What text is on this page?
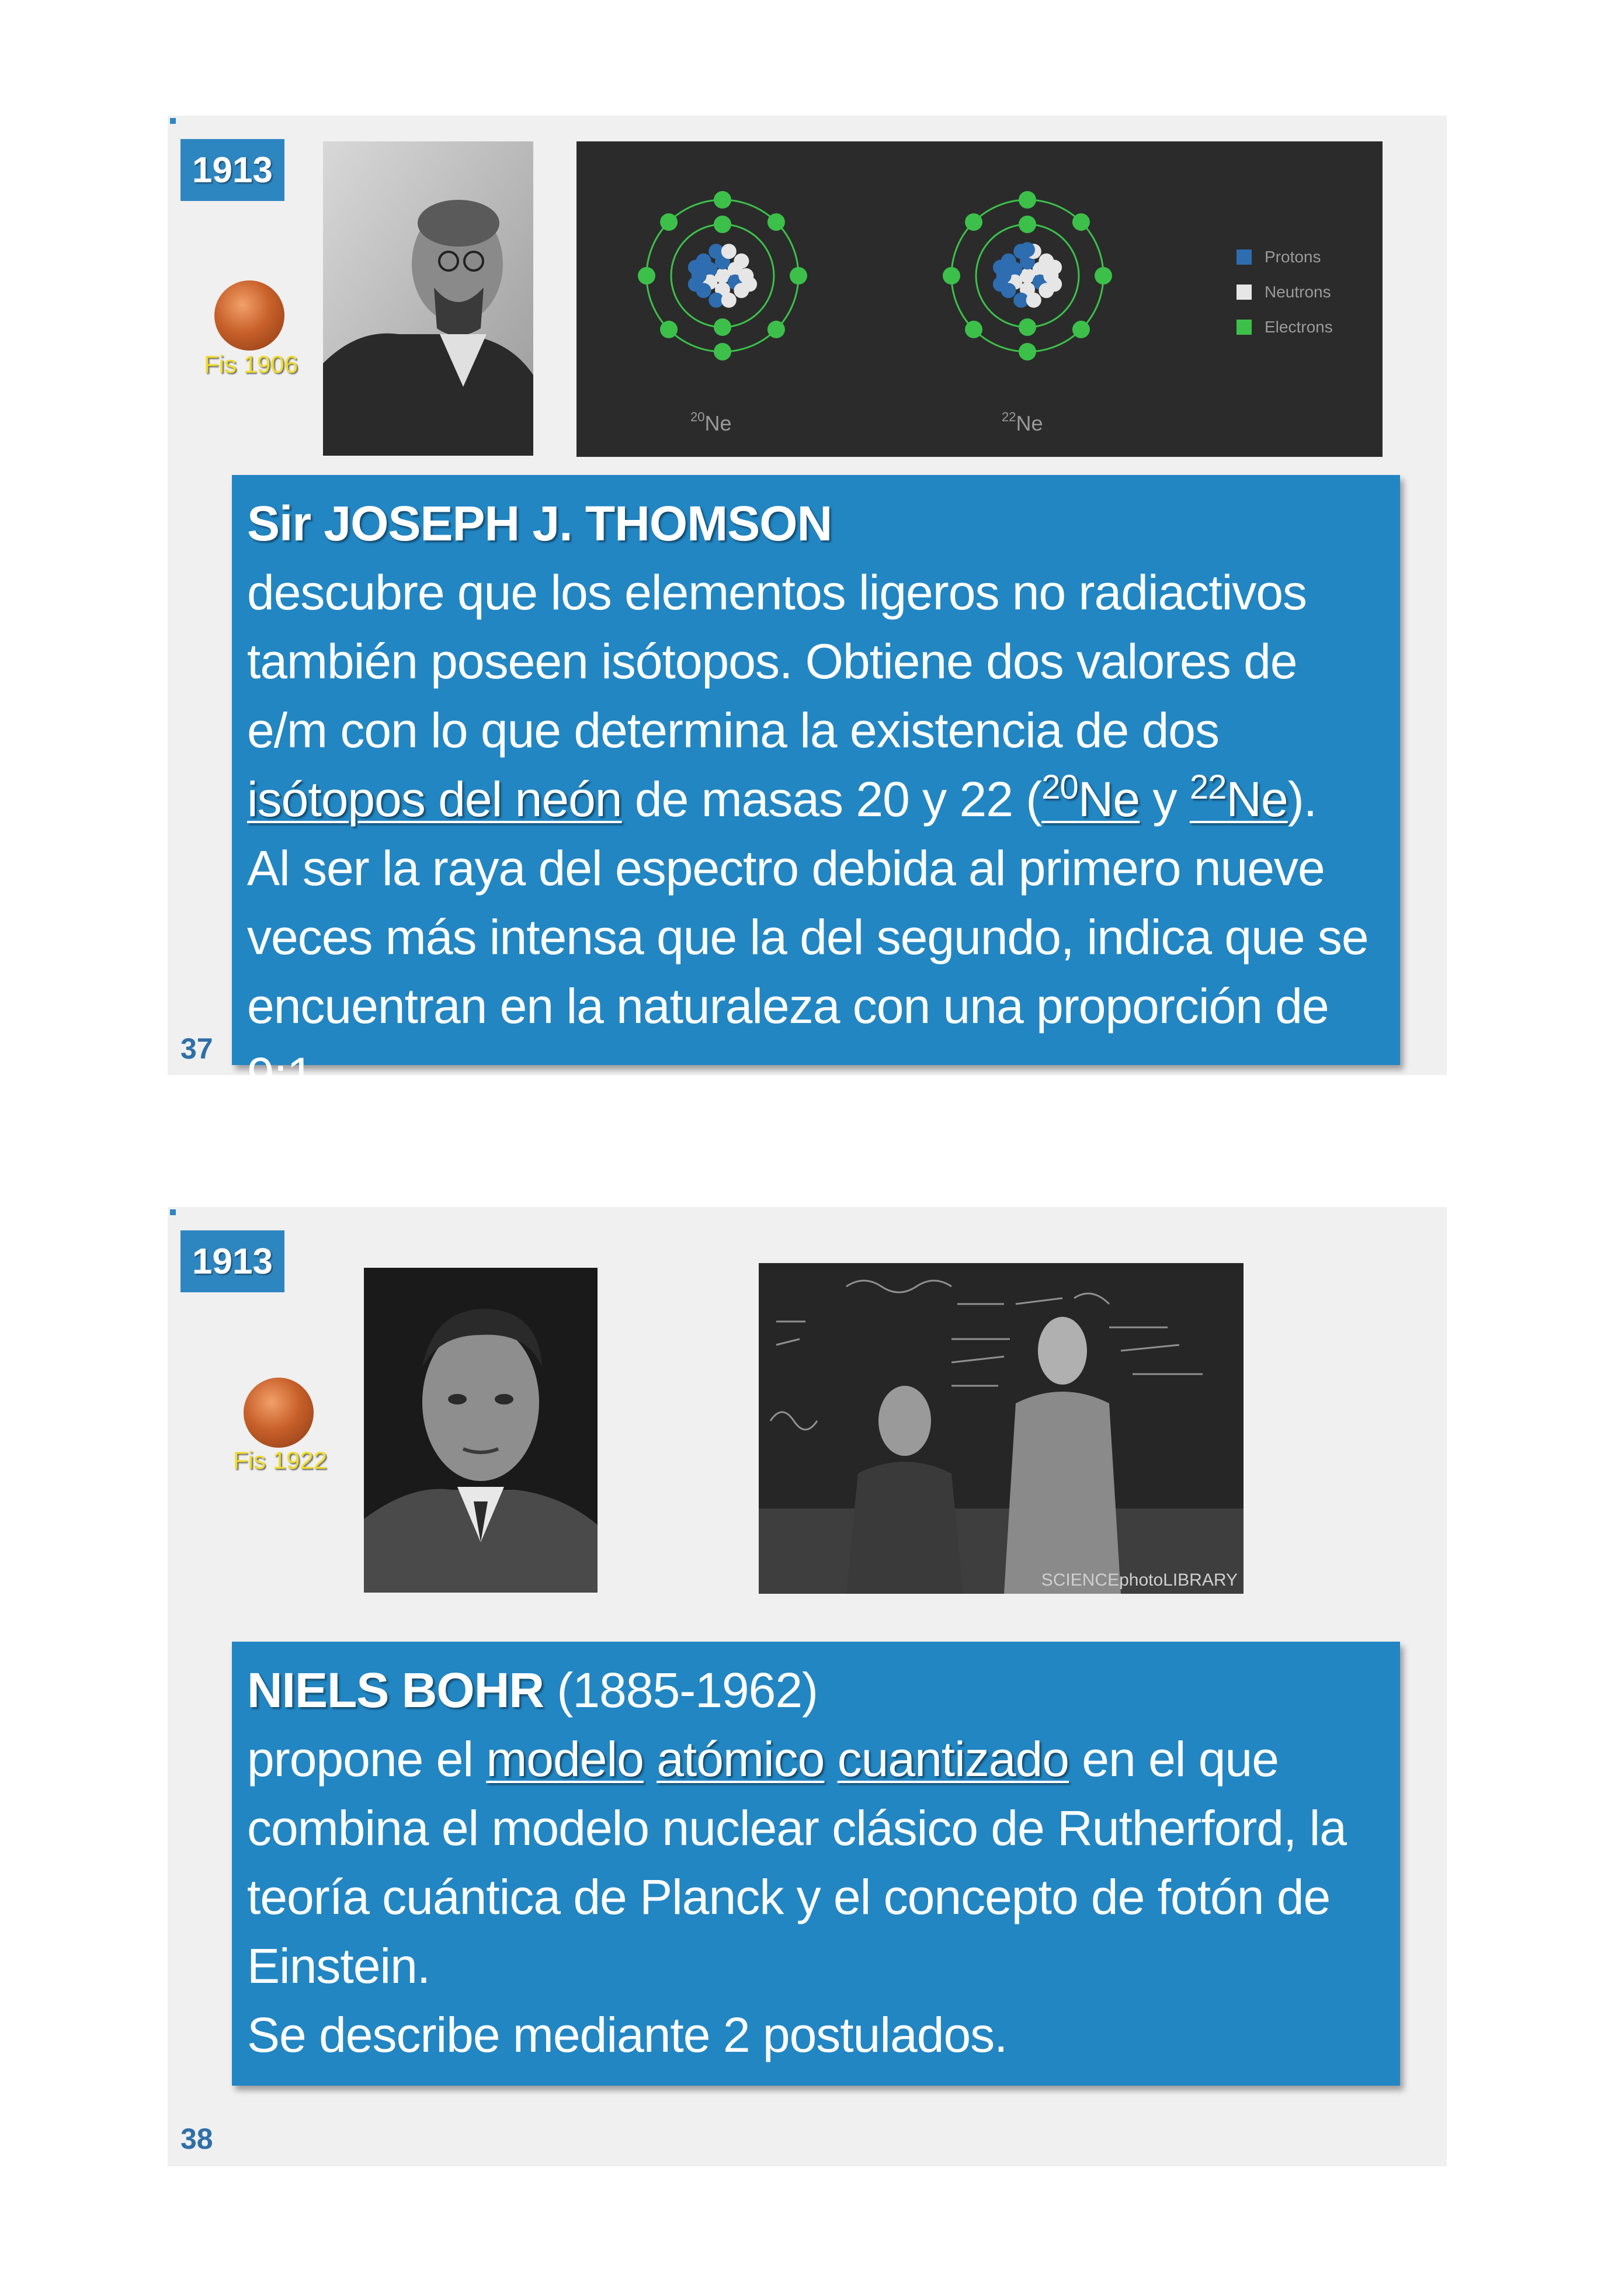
1913
Fis 1906
$^{20}$Ne	$^{22}$Ne
Protons
Neutrons
Electrons

Sir JOSEPH J. THOMSON

descubre que los elementos ligeros no radiactivos también poseen isótopos. Obtiene dos valores de e/m con lo que determina la existencia de dos isótopos del neón de masas 20 y 22 ($^{20}$Ne y $^{22}$Ne).

Al ser la raya del espectro debida al primero nueve veces más intensa que la del segundo, indica que se encuentran en la naturaleza con una proporción de 9:1.

37
1913
Fis 1922
SCIENCEphotoLIBRARY

NIELS BOHR (1885-1962)

propone el modelo atómico cuantizado en el que combina el modelo nuclear clásico de Rutherford, la teoría cuántica de Planck y el concepto de fotón de Einstein.

Se describe mediante 2 postulados.

38
